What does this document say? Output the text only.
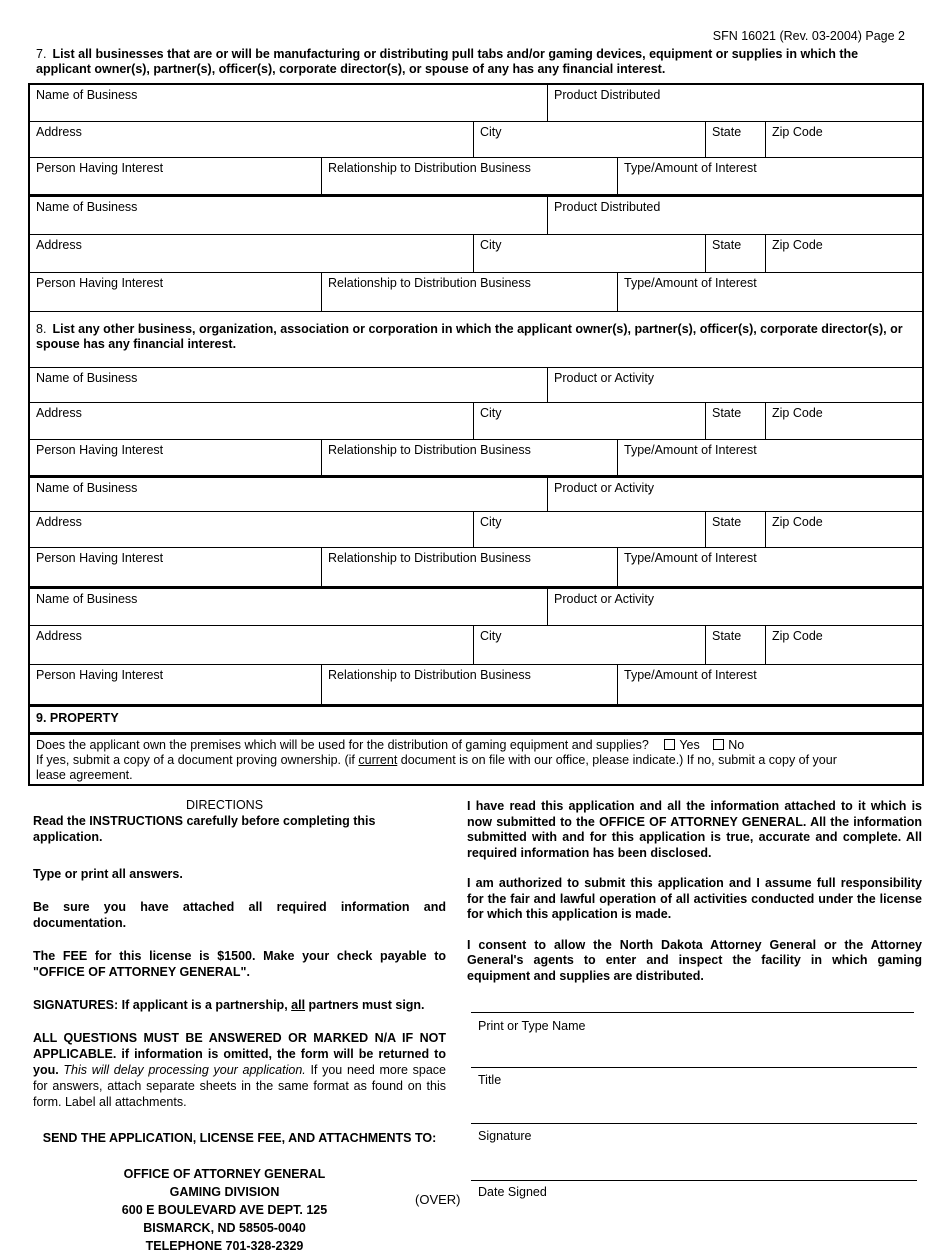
SFN 16021 (Rev. 03-2004) Page 2
7. List all businesses that are or will be manufacturing or distributing pull tabs and/or gaming devices, equipment or supplies in which the applicant owner(s), partner(s), officer(s), corporate director(s), or spouse of any has any financial interest.
Name of Business	Product Distributed
Address	City	State	Zip Code
Person Having Interest	Relationship to Distribution Business	Type/Amount of Interest
Name of Business	Product Distributed
Address	City	State	Zip Code
Person Having Interest	Relationship to Distribution Business	Type/Amount of Interest
8. List any other business, organization, association or corporation in which the applicant owner(s), partner(s), officer(s), corporate director(s), or spouse has any financial interest.
Name of Business	Product or Activity
Address	City	State	Zip Code
Person Having Interest	Relationship to Distribution Business	Type/Amount of Interest
Name of Business	Product or Activity
Address	City	State	Zip Code
Person Having Interest	Relationship to Distribution Business	Type/Amount of Interest
Name of Business	Product or Activity
Address	City	State	Zip Code
Person Having Interest	Relationship to Distribution Business	Type/Amount of Interest
9. PROPERTY
Does the applicant own the premises which will be used for the distribution of gaming equipment and supplies? Yes No
If yes, submit a copy of a document proving ownership. (if current document is on file with our office, please indicate.) If no, submit a copy of your lease agreement.

DIRECTIONS

Read the INSTRUCTIONS carefully before completing this application.

Type or print all answers.

Be sure you have attached all required information and documentation.

The FEE for this license is $1500. Make your check payable to "OFFICE OF ATTORNEY GENERAL".

SIGNATURES: If applicant is a partnership, all partners must sign.

ALL QUESTIONS MUST BE ANSWERED OR MARKED N/A IF NOT APPLICABLE. if information is omitted, the form will be returned to you. This will delay processing your application. If you need more space for answers, attach separate sheets in the same format as found on this form. Label all attachments.

SEND THE APPLICATION, LICENSE FEE, AND ATTACHMENTS TO:

OFFICE OF ATTORNEY GENERAL
GAMING DIVISION
600 E BOULEVARD AVE DEPT. 125
BISMARCK, ND 58505-0040
TELEPHONE 701-328-2329
I have read this application and all the information attached to it which is now submitted to the OFFICE OF ATTORNEY GENERAL. All the information submitted with and for this application is true, accurate and complete. All required information has been disclosed.
I am authorized to submit this application and I assume full responsibility for the fair and lawful operation of all activities conducted under the license for which this application is made.
I consent to allow the North Dakota Attorney General or the Attorney General's agents to enter and inspect the facility in which gaming equipment and supplies are distributed.
Print or Type Name
Title
Signature
Date Signed
(OVER)
